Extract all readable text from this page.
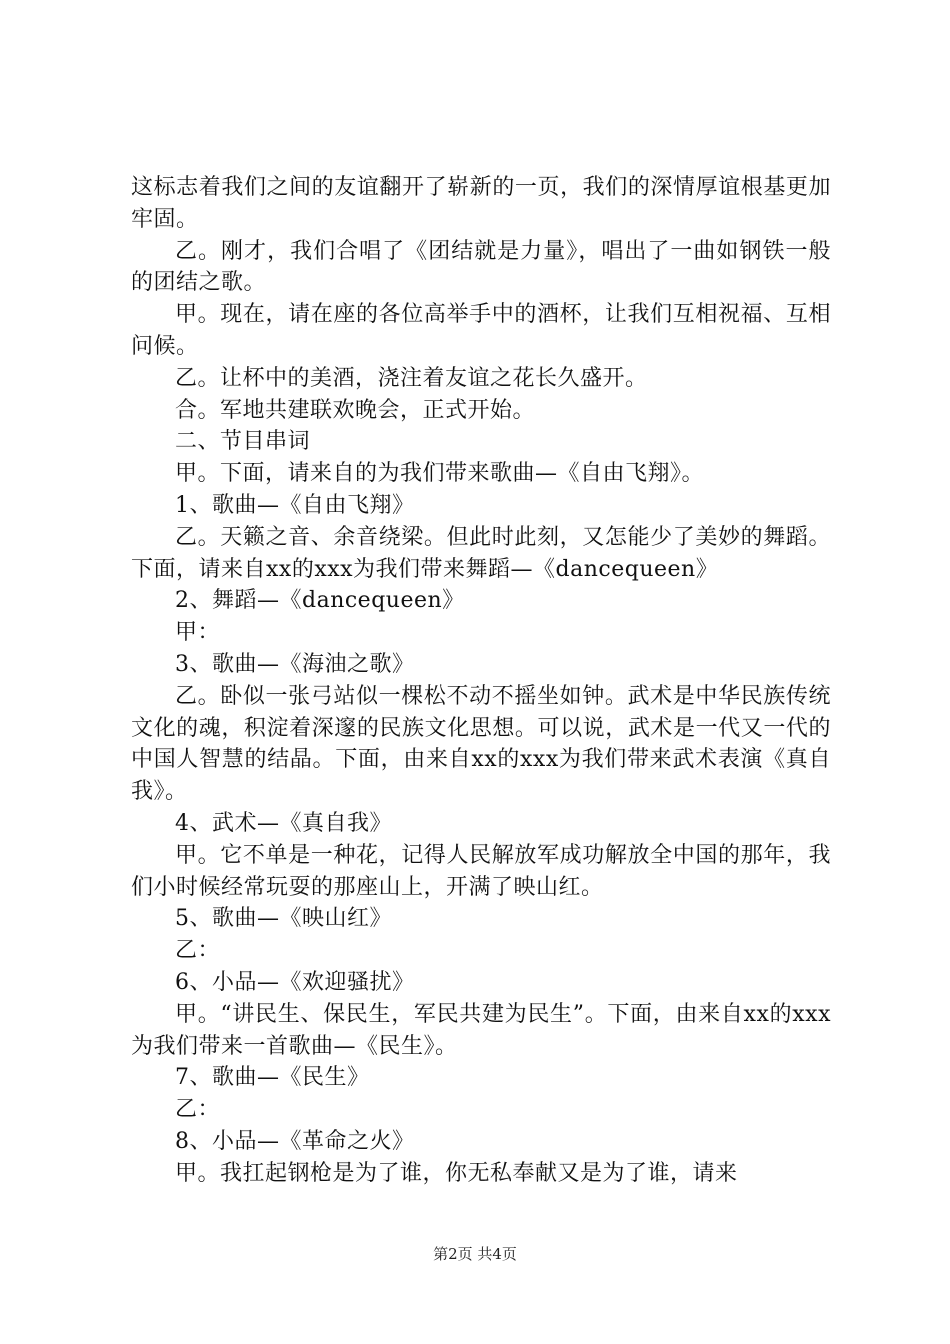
这标志着我们之间的友谊翻开了崭新的一页，我们的深情厚谊根基更加牢固。

乙。刚才，我们合唱了《团结就是力量》，唱出了一曲如钢铁一般的团结之歌。

甲。现在，请在座的各位高举手中的酒杯，让我们互相祝福、互相问候。

乙。让杯中的美酒，浇注着友谊之花长久盛开。

合。军地共建联欢晚会，正式开始。

二、节目串词

甲。下面，请来自的为我们带来歌曲—《自由飞翔》。

1、歌曲—《自由飞翔》

乙。天籁之音、余音绕梁。但此时此刻，又怎能少了美妙的舞蹈。下面，请来自xx的xxx为我们带来舞蹈—《dancequeen》

2、舞蹈—《dancequeen》

甲：

3、歌曲—《海油之歌》

乙。卧似一张弓站似一棵松不动不摇坐如钟。武术是中华民族传统文化的魂，积淀着深邃的民族文化思想。可以说，武术是一代又一代的中国人智慧的结晶。下面，由来自xx的xxx为我们带来武术表演《真自我》。

4、武术—《真自我》

甲。它不单是一种花，记得人民解放军成功解放全中国的那年，我们小时候经常玩耍的那座山上，开满了映山红。

5、歌曲—《映山红》

乙：

6、小品—《欢迎骚扰》

甲。“讲民生、保民生，军民共建为民生”。下面，由来自xx的xxx为我们带来一首歌曲—《民生》。

7、歌曲—《民生》

乙：

8、小品—《革命之火》

甲。我扛起钢枪是为了谁，你无私奉献又是为了谁，请来

第2页 共4页
